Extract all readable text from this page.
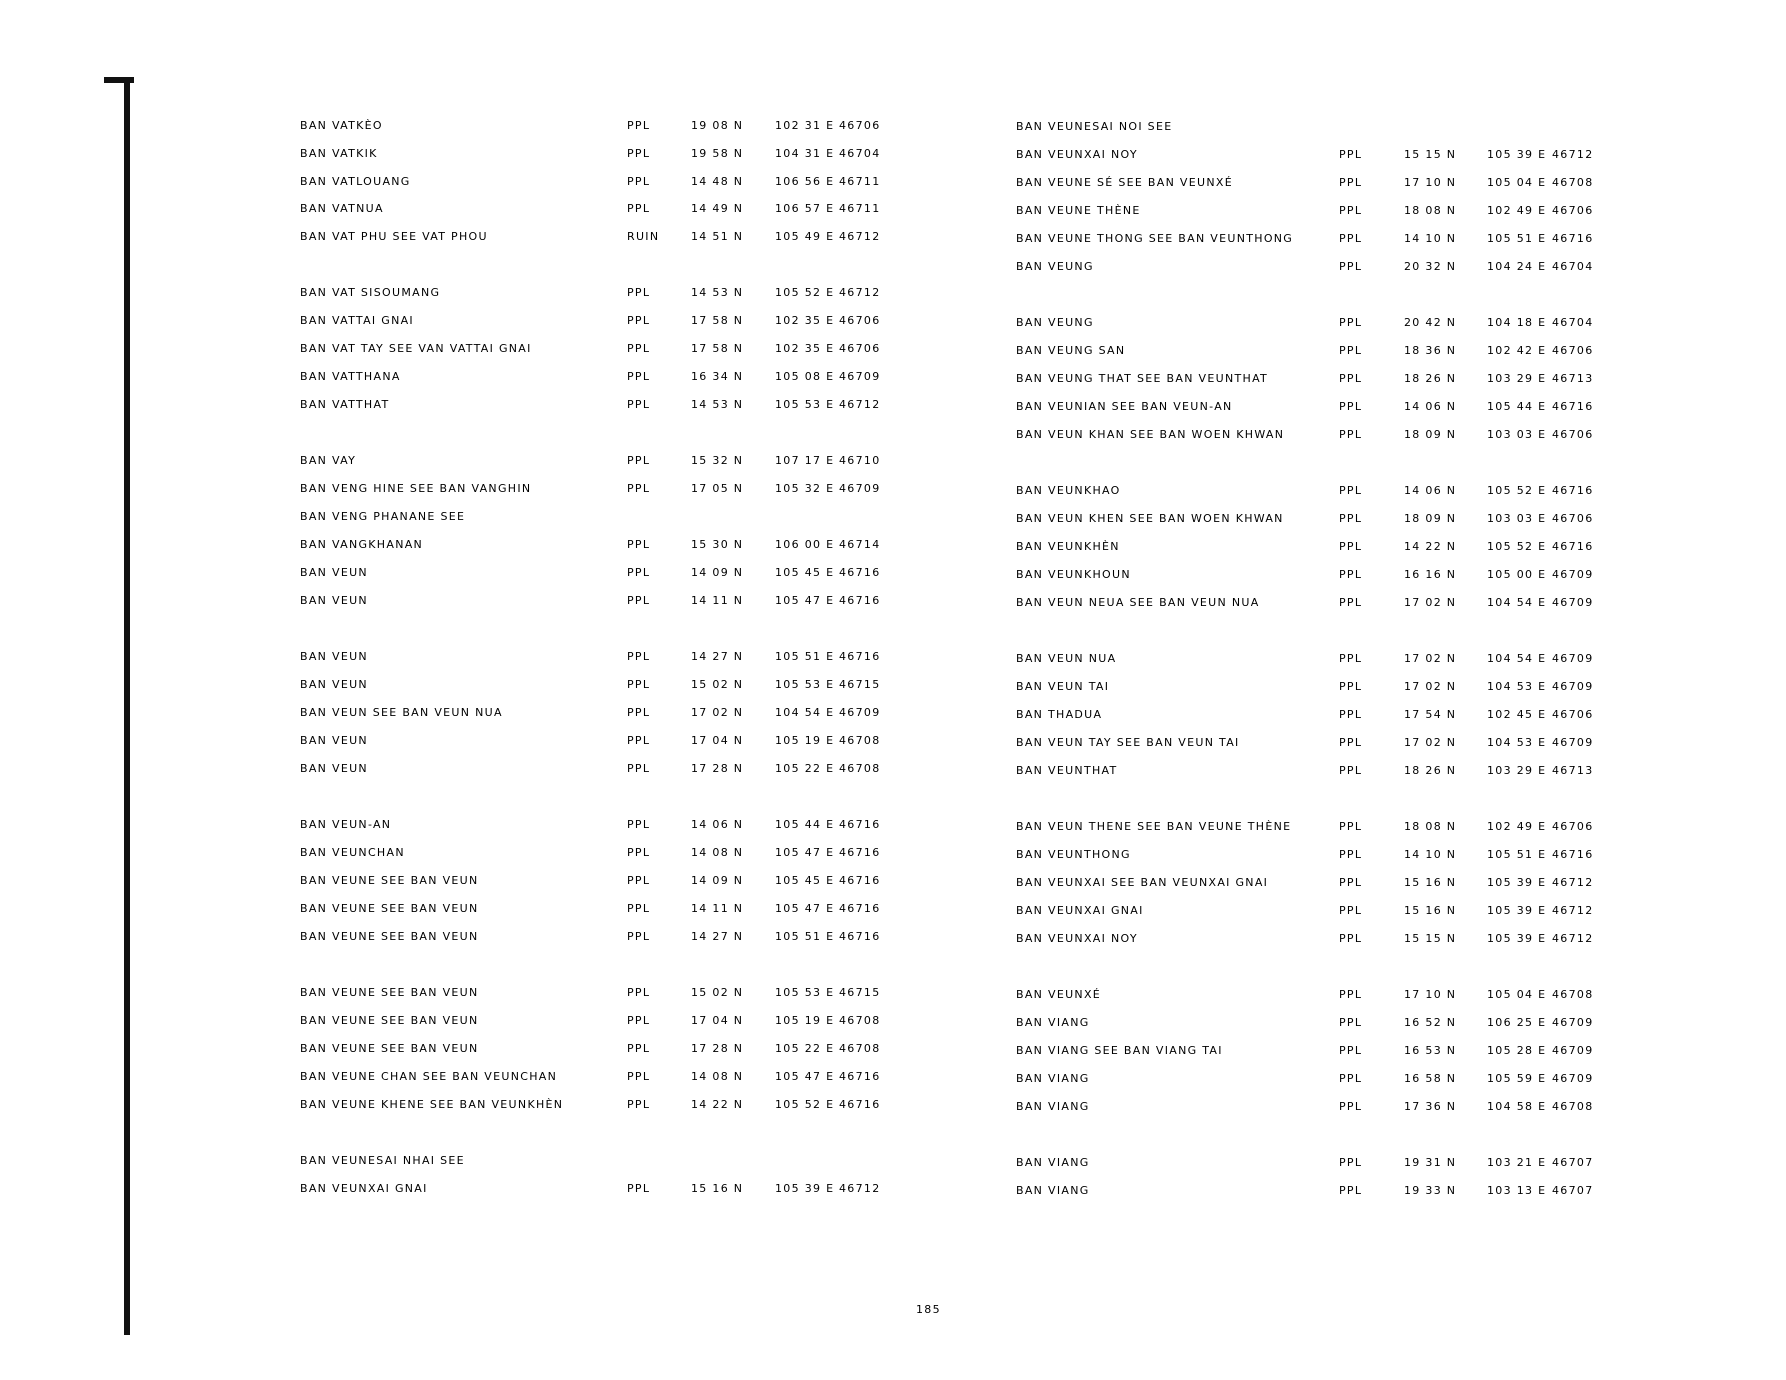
BAN VATKÈO	PPL	19 08 N	102 31 E 46706
BAN VATKIK	PPL	19 58 N	104 31 E 46704
BAN VATLOUANG	PPL	14 48 N	106 56 E 46711
BAN VATNUA	PPL	14 49 N	106 57 E 46711
BAN VAT PHU SEE VAT PHOU	RUIN	14 51 N	105 49 E 46712
BAN VAT SISOUMANG	PPL	14 53 N	105 52 E 46712
BAN VATTAI GNAI	PPL	17 58 N	102 35 E 46706
BAN VAT TAY SEE VAN VATTAI GNAI	PPL	17 58 N	102 35 E 46706
BAN VATTHANA	PPL	16 34 N	105 08 E 46709
BAN VATTHAT	PPL	14 53 N	105 53 E 46712
BAN VAY	PPL	15 32 N	107 17 E 46710
BAN VENG HINE SEE BAN VANGHIN	PPL	17 05 N	105 32 E 46709
BAN VENG PHANANE SEE
BAN VANGKHANAN	PPL	15 30 N	106 00 E 46714
BAN VEUN	PPL	14 09 N	105 45 E 46716
BAN VEUN	PPL	14 11 N	105 47 E 46716
BAN VEUN	PPL	14 27 N	105 51 E 46716
BAN VEUN	PPL	15 02 N	105 53 E 46715
BAN VEUN SEE BAN VEUN NUA	PPL	17 02 N	104 54 E 46709
BAN VEUN	PPL	17 04 N	105 19 E 46708
BAN VEUN	PPL	17 28 N	105 22 E 46708
BAN VEUN-AN	PPL	14 06 N	105 44 E 46716
BAN VEUNCHAN	PPL	14 08 N	105 47 E 46716
BAN VEUNE SEE BAN VEUN	PPL	14 09 N	105 45 E 46716
BAN VEUNE SEE BAN VEUN	PPL	14 11 N	105 47 E 46716
BAN VEUNE SEE BAN VEUN	PPL	14 27 N	105 51 E 46716
BAN VEUNE SEE BAN VEUN	PPL	15 02 N	105 53 E 46715
BAN VEUNE SEE BAN VEUN	PPL	17 04 N	105 19 E 46708
BAN VEUNE SEE BAN VEUN	PPL	17 28 N	105 22 E 46708
BAN VEUNE CHAN SEE BAN VEUNCHAN	PPL	14 08 N	105 47 E 46716
BAN VEUNE KHENE SEE BAN VEUNKHÈN	PPL	14 22 N	105 52 E 46716
BAN VEUNESAI NHAI SEE
BAN VEUNXAI GNAI	PPL	15 16 N	105 39 E 46712
BAN VEUNESAI NOI SEE
BAN VEUNXAI NOY	PPL	15 15 N	105 39 E 46712
BAN VEUNE SÉ SEE BAN VEUNXÉ	PPL	17 10 N	105 04 E 46708
BAN VEUNE THÈNE	PPL	18 08 N	102 49 E 46706
BAN VEUNE THONG SEE BAN VEUNTHONG	PPL	14 10 N	105 51 E 46716
BAN VEUNG	PPL	20 32 N	104 24 E 46704
BAN VEUNG	PPL	20 42 N	104 18 E 46704
BAN VEUNG SAN	PPL	18 36 N	102 42 E 46706
BAN VEUNG THAT SEE BAN VEUNTHAT	PPL	18 26 N	103 29 E 46713
BAN VEUNIAN SEE BAN VEUN-AN	PPL	14 06 N	105 44 E 46716
BAN VEUN KHAN SEE BAN WOEN KHWAN	PPL	18 09 N	103 03 E 46706
BAN VEUNKHAO	PPL	14 06 N	105 52 E 46716
BAN VEUN KHEN SEE BAN WOEN KHWAN	PPL	18 09 N	103 03 E 46706
BAN VEUNKHÈN	PPL	14 22 N	105 52 E 46716
BAN VEUNKHOUN	PPL	16 16 N	105 00 E 46709
BAN VEUN NEUA SEE BAN VEUN NUA	PPL	17 02 N	104 54 E 46709
BAN VEUN NUA	PPL	17 02 N	104 54 E 46709
BAN VEUN TAI	PPL	17 02 N	104 53 E 46709
BAN THADUA	PPL	17 54 N	102 45 E 46706
BAN VEUN TAY SEE BAN VEUN TAI	PPL	17 02 N	104 53 E 46709
BAN VEUNTHAT	PPL	18 26 N	103 29 E 46713
BAN VEUN THENE SEE BAN VEUNE THÈNE	PPL	18 08 N	102 49 E 46706
BAN VEUNTHONG	PPL	14 10 N	105 51 E 46716
BAN VEUNXAI SEE BAN VEUNXAI GNAI	PPL	15 16 N	105 39 E 46712
BAN VEUNXAI GNAI	PPL	15 16 N	105 39 E 46712
BAN VEUNXAI NOY	PPL	15 15 N	105 39 E 46712
BAN VEUNXÉ	PPL	17 10 N	105 04 E 46708
BAN VIANG	PPL	16 52 N	106 25 E 46709
BAN VIANG SEE BAN VIANG TAI	PPL	16 53 N	105 28 E 46709
BAN VIANG	PPL	16 58 N	105 59 E 46709
BAN VIANG	PPL	17 36 N	104 58 E 46708
BAN VIANG	PPL	19 31 N	103 21 E 46707
BAN VIANG	PPL	19 33 N	103 13 E 46707
185
